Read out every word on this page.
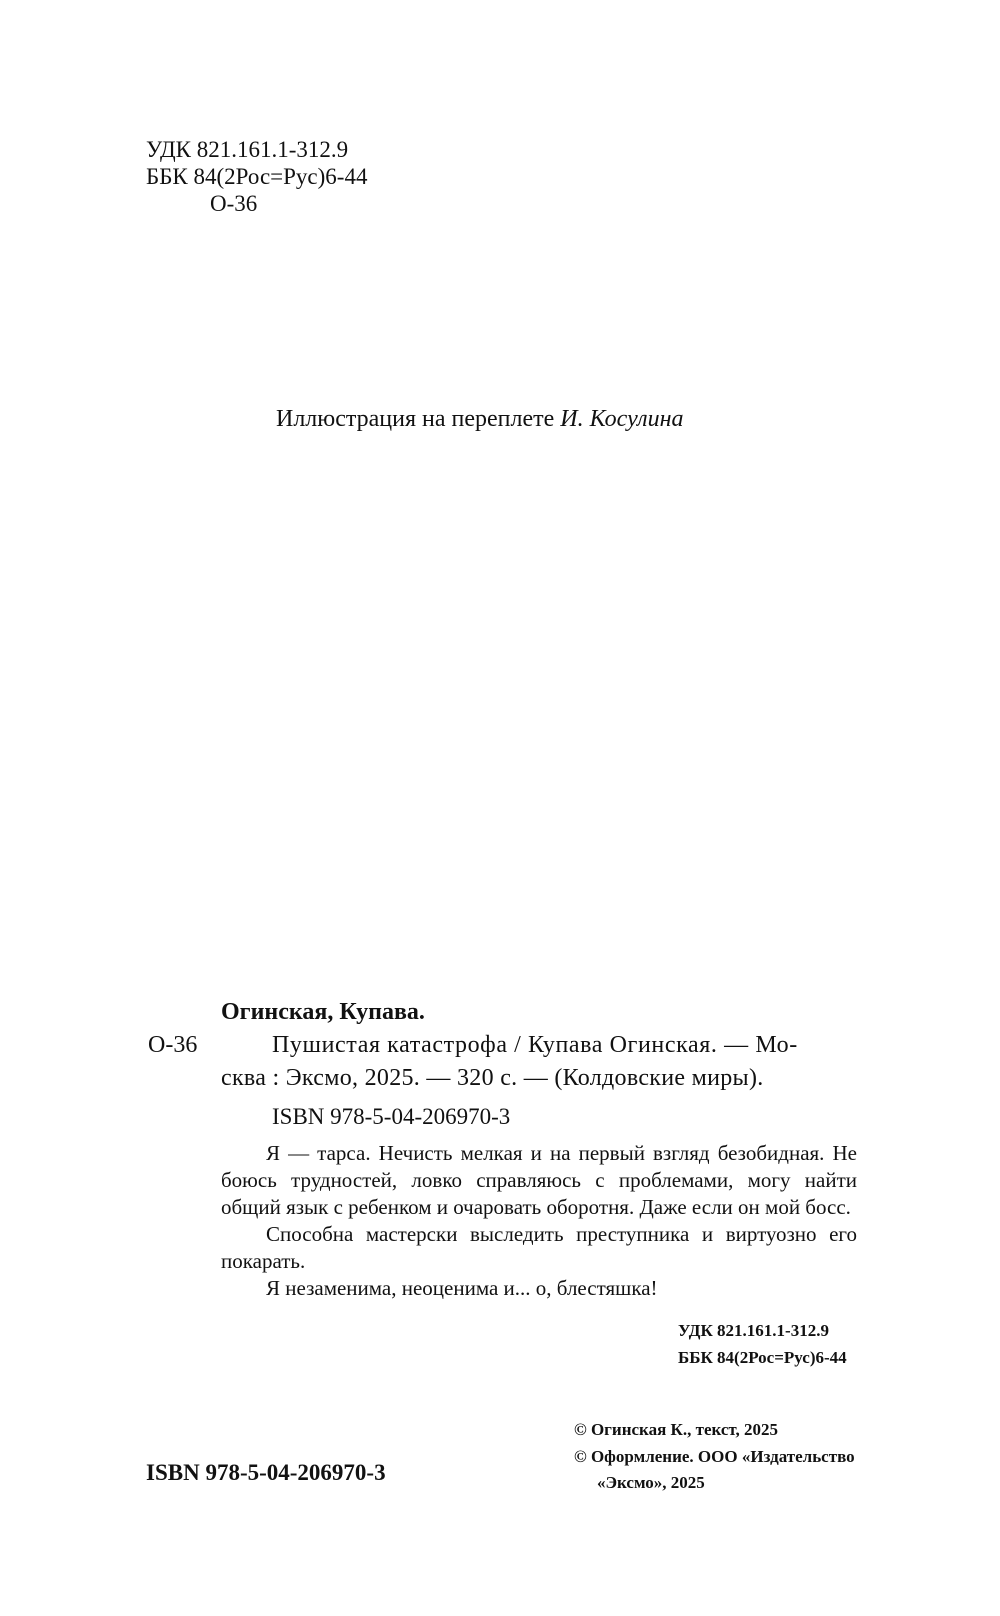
УДК 821.161.1-312.9
ББК 84(2Рос=Рус)6-44
О-36
Иллюстрация на переплете И. Косулина
Огинская, Купава.
О-36	Пушистая катастрофа / Купава Огинская. — Мо-
сква : Эксмо, 2025. — 320 с. — (Колдовские миры).
ISBN 978-5-04-206970-3

Я — тарса. Нечисть мелкая и на первый взгляд безобидная. Не боюсь трудностей, ловко справляюсь с проблемами, могу найти общий язык с ребенком и очаровать оборотня. Даже если он мой босс.

Способна мастерски выследить преступника и виртуозно его покарать.

Я незаменима, неоценима и... о, блестяшка!

УДК 821.161.1-312.9
ББК 84(2Рос=Рус)6-44
ISBN 978-5-04-206970-3
© Огинская К., текст, 2025
© Оформление. ООО «Издательство
«Эксмо», 2025
